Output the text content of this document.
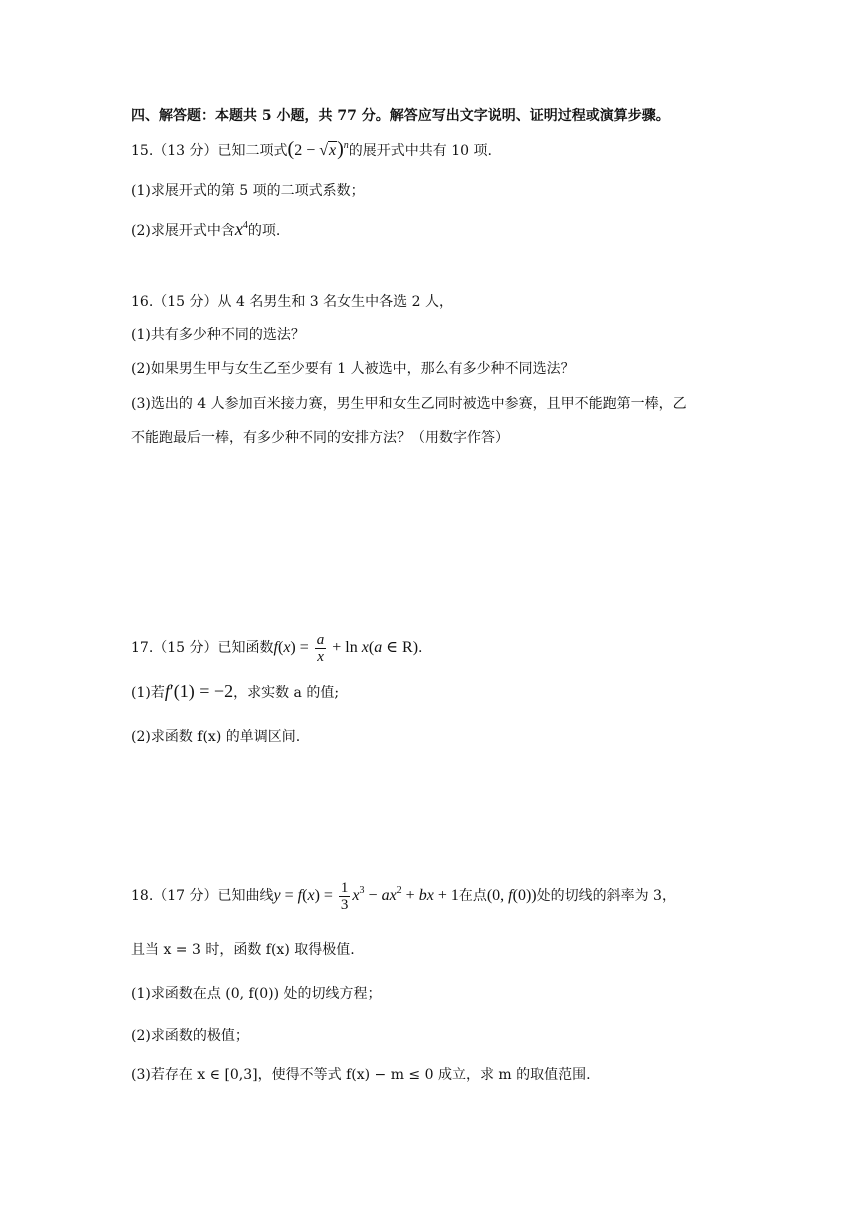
四、解答题：本题共 5 小题，共 77 分。解答应写出文字说明、证明过程或演算步骤。
15.（13 分）已知二项式$(2 - √x)^n$的展开式中共有 10 项.
(1)求展开式的第 5 项的二项式系数；
(2)求展开式中含$x^4$的项.
16.（15 分）从 4 名男生和 3 名女生中各选 2 人，
(1)共有多少种不同的选法？
(2)如果男生甲与女生乙至少要有 1 人被选中，那么有多少种不同选法？
(3)选出的 4 人参加百米接力赛，男生甲和女生乙同时被选中参赛，且甲不能跑第一棒，乙
不能跑最后一棒，有多少种不同的安排方法？（用数字作答）
17.（15 分）已知函数$f(x) = \frac{a}{x} + \ln x(a$ ∈ R).
(1)若f′(1) = −2，求实数 a 的值;
(2)求函数 f(x) 的单调区间.
18.（17 分）已知曲线$y = f(x) = \frac{1}{3} x^3 - ax^2$ + bx + 1在点(0, f(0))处的切线的斜率为 3，
且当 x = 3 时，函数 f(x) 取得极值.
(1)求函数在点 (0, f(0)) 处的切线方程；
(2)求函数的极值；
(3)若存在 x ∈ [0,3]，使得不等式 f(x) − m ≤ 0 成立，求 m 的取值范围.
